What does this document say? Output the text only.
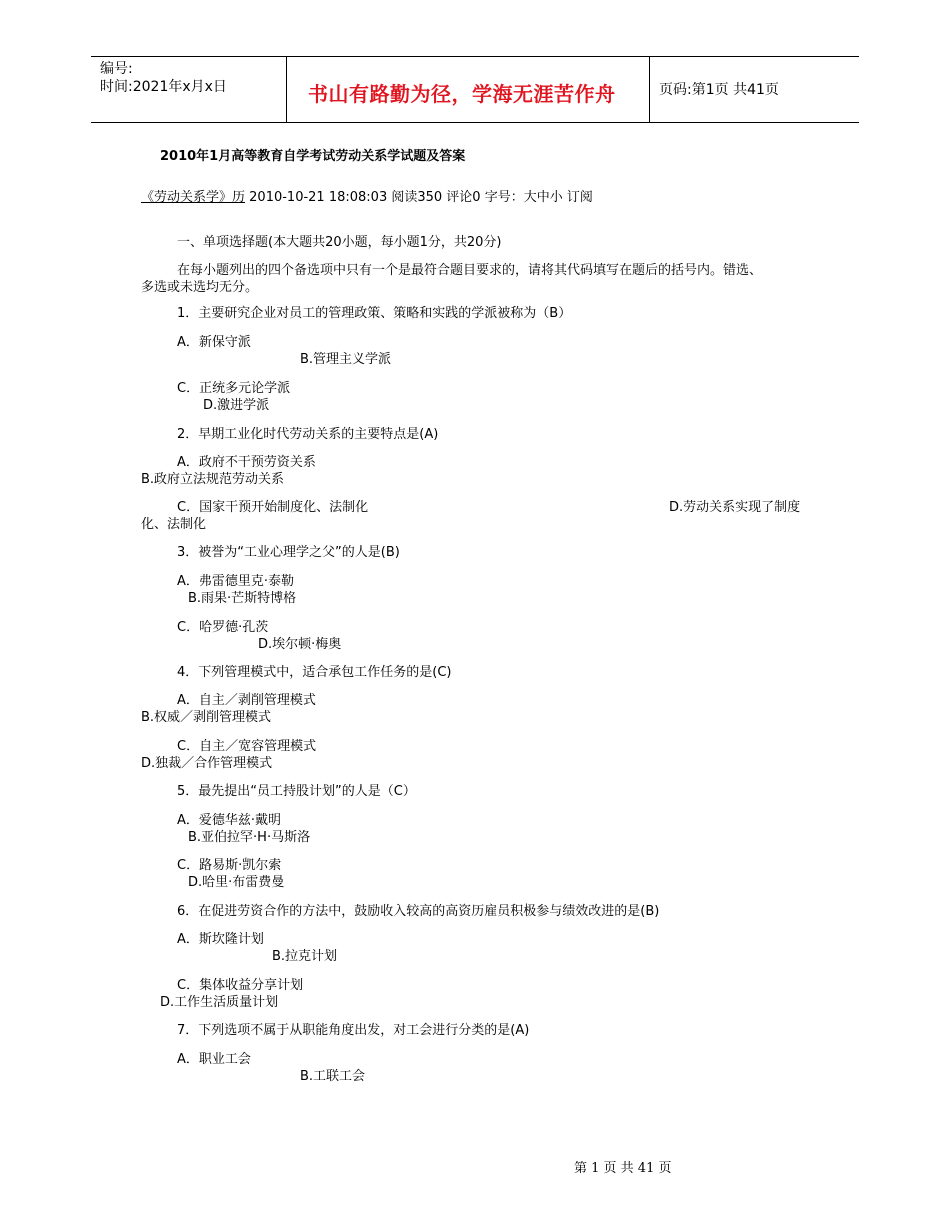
编号:
时间:2021年x月x日	书山有路勤为径，学海无涯苦作舟	页码:第1页 共41页
2010年1月高等教育自学考试劳动关系学试题及答案
《劳动关系学》历 2010-10-21 18:08:03 阅读350 评论0 字号：大中小 订阅
一、单项选择题(本大题共20小题，每小题1分，共20分)
在每小题列出的四个备选项中只有一个是最符合题目要求的，请将其代码填写在题后的括号内。错选、
多选或未选均无分。
1．主要研究企业对员工的管理政策、策略和实践的学派被称为（B）
A．新保守派
B.管理主义学派
C．正统多元论学派
D.激进学派
2．早期工业化时代劳动关系的主要特点是(A)
A．政府不干预劳资关系
B.政府立法规范劳动关系
C．国家干预开始制度化、法制化	D.劳动关系实现了制度
化、法制化
3．被誉为“工业心理学之父”的人是(B)
A．弗雷德里克·泰勒
B.雨果·芒斯特博格
C．哈罗德·孔茨
D.埃尔顿·梅奥
4．下列管理模式中，适合承包工作任务的是(C)
A．自主／剥削管理模式
B.权威／剥削管理模式
C．自主／宽容管理模式
D.独裁／合作管理模式
5．最先提出“员工持股计划”的人是（C）
A．爱德华兹·戴明
B.亚伯拉罕·H·马斯洛
C．路易斯·凯尔索
D.哈里·布雷费曼
6．在促进劳资合作的方法中，鼓励收入较高的高资历雇员积极参与绩效改进的是(B)
A．斯坎隆计划
B.拉克计划
C．集体收益分享计划
D.工作生活质量计划
7．下列选项不属于从职能角度出发，对工会进行分类的是(A)
A．职业工会
B.工联工会
第 1 页 共 41 页
